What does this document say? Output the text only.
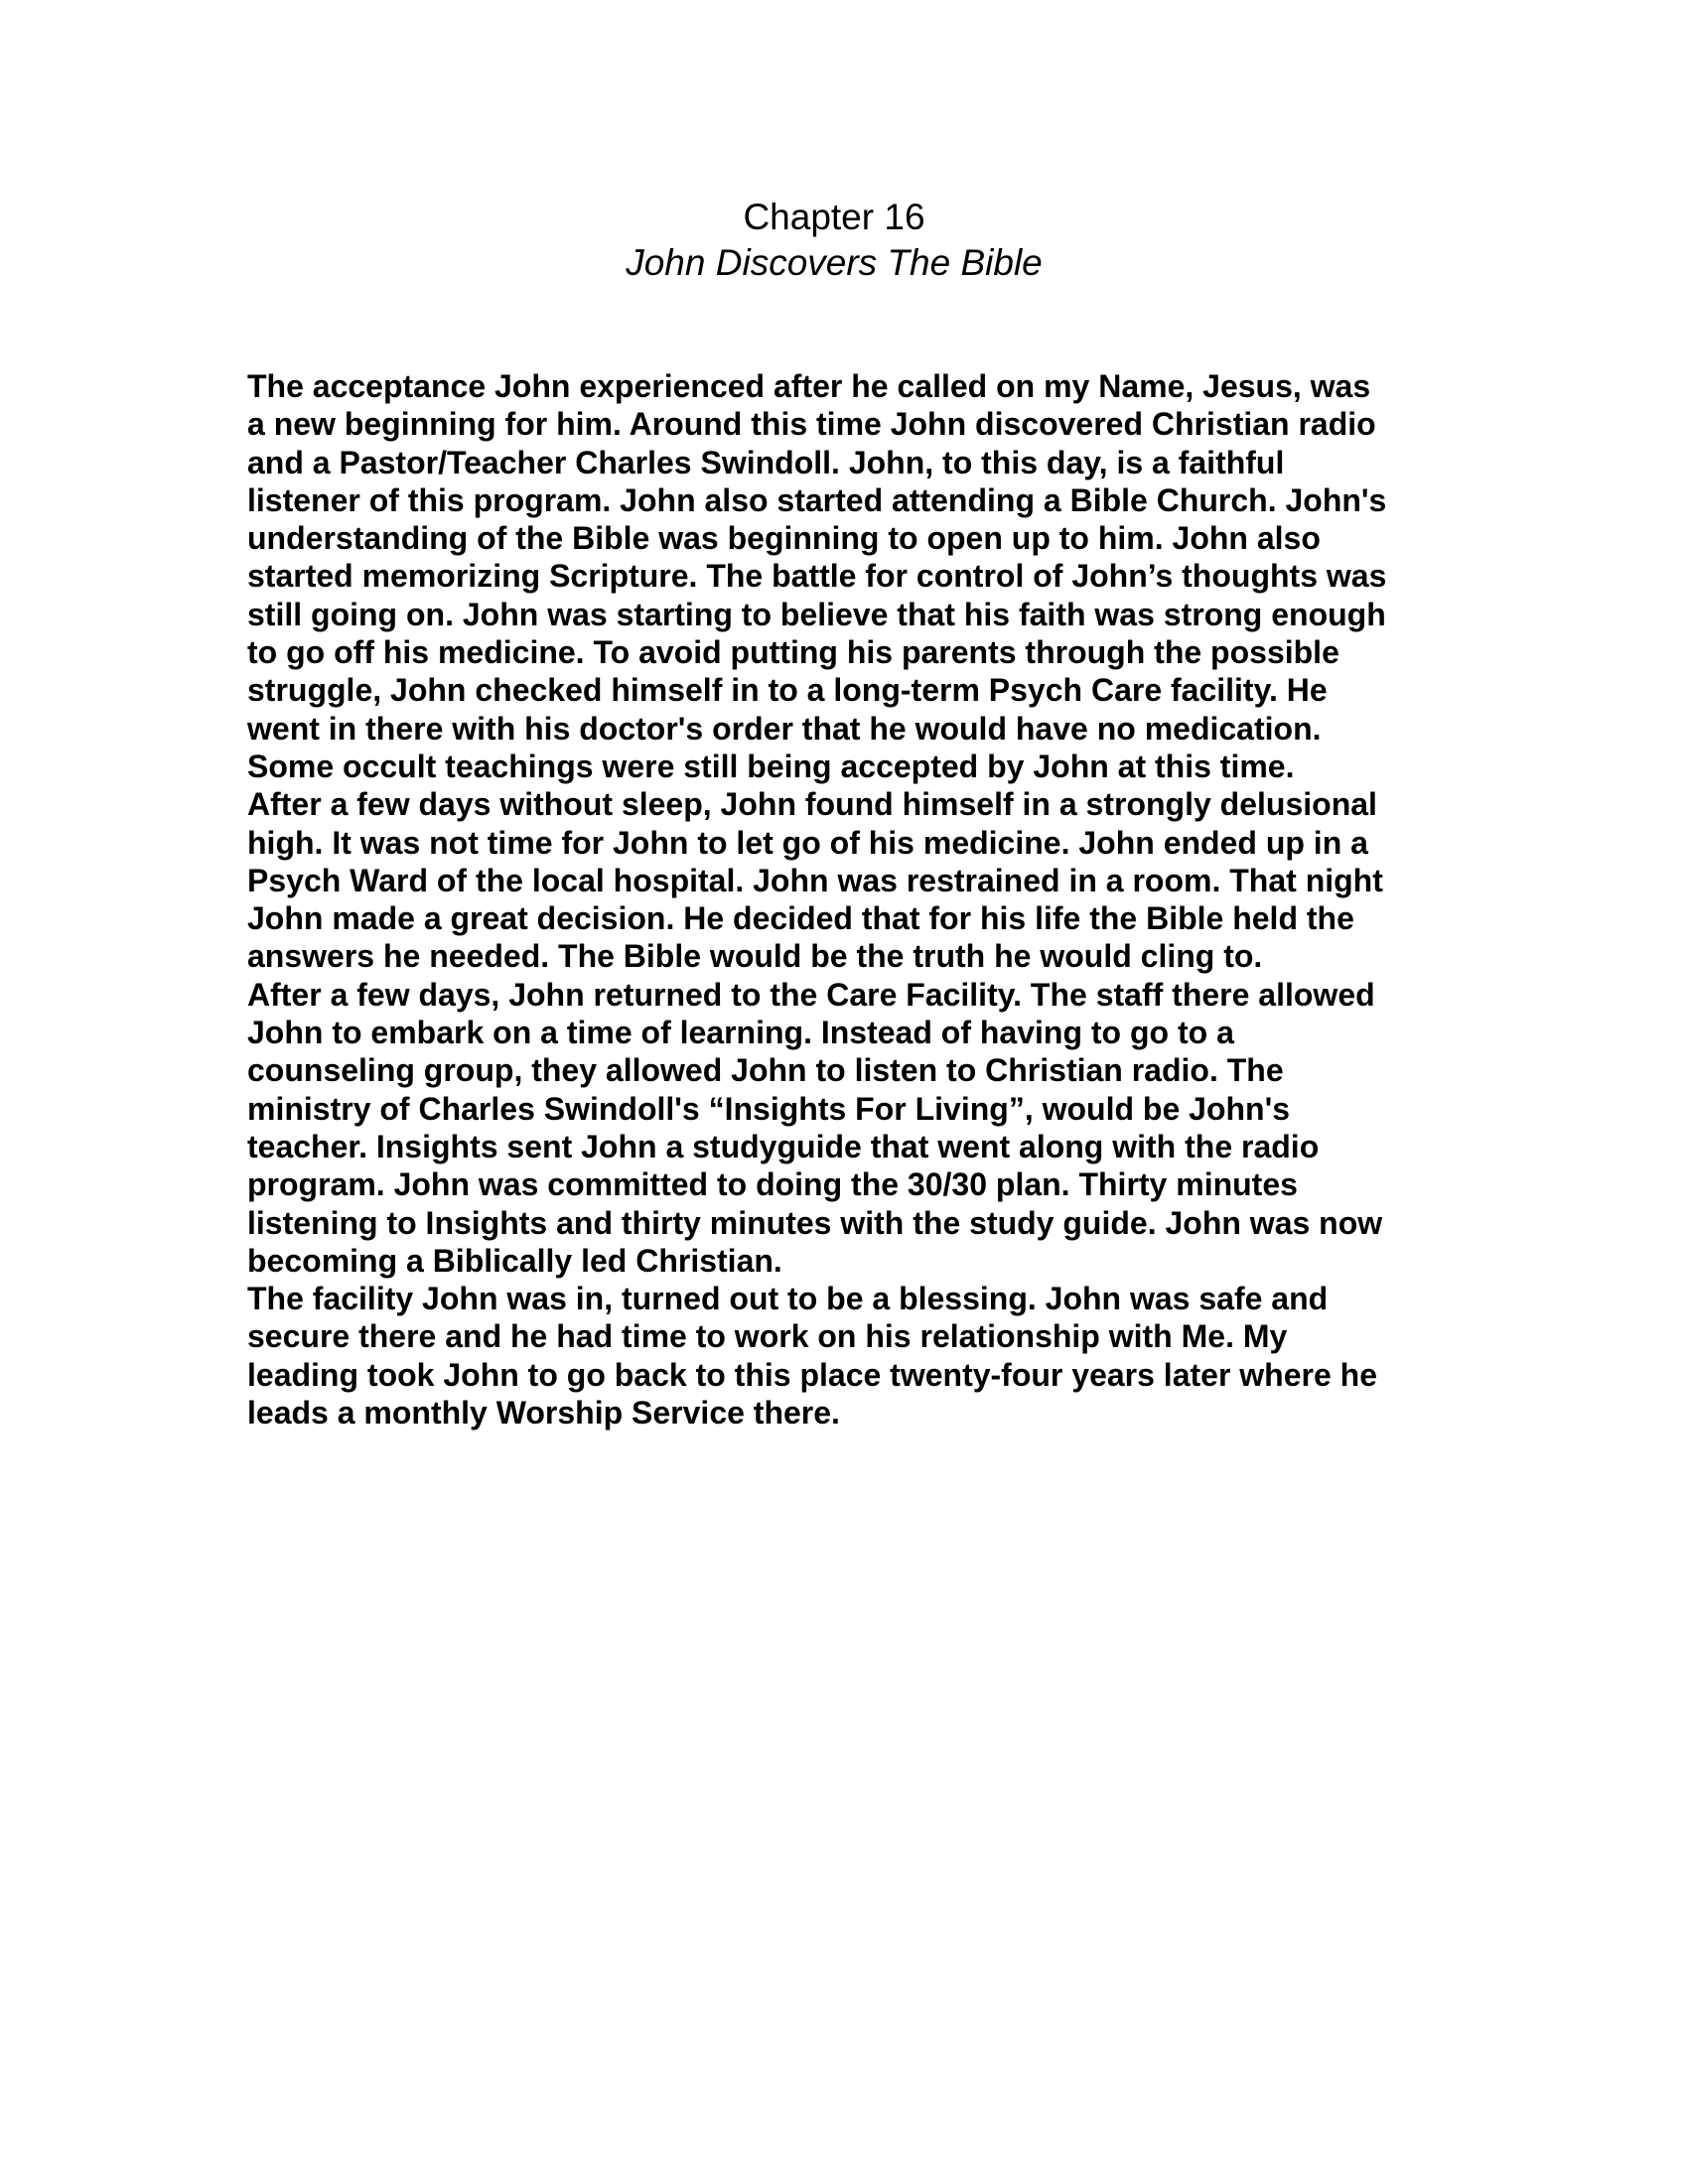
Chapter 16
John Discovers The Bible
The acceptance John experienced after he called on my Name, Jesus, was
a new beginning for him. Around this time John discovered Christian radio
and a Pastor/Teacher Charles Swindoll. John, to this day, is a faithful
listener of this program. John also started attending a Bible Church. John's
understanding of the Bible was beginning to open up to him. John also
started memorizing Scripture. The battle for control of John’s thoughts was
still going on. John was starting to believe that his faith was strong enough
to go off his medicine. To avoid putting his parents through the possible
struggle, John checked himself in to a long-term Psych Care facility. He
went in there with his doctor's order that he would have no medication.
Some occult teachings were still being accepted by John at this time.
After a few days without sleep, John found himself in a strongly delusional
high. It was not time for John to let go of his medicine. John ended up in a
Psych Ward of the local hospital. John was restrained in a room. That night
John made a great decision. He decided that for his life the Bible held the
answers he needed. The Bible would be the truth he would cling to.
After a few days, John returned to the Care Facility. The staff there allowed
John to embark on a time of learning. Instead of having to go to a
counseling group, they allowed John to listen to Christian radio. The
ministry of Charles Swindoll's “Insights For Living”, would be John's
teacher. Insights sent John a studyguide that went along with the radio
program. John was committed to doing the 30/30 plan. Thirty minutes
listening to Insights and thirty minutes with the study guide. John was now
becoming a Biblically led Christian.
The facility John was in, turned out to be a blessing. John was safe and
secure there and he had time to work on his relationship with Me. My
leading took John to go back to this place twenty-four years later where he
leads a monthly Worship Service there.
